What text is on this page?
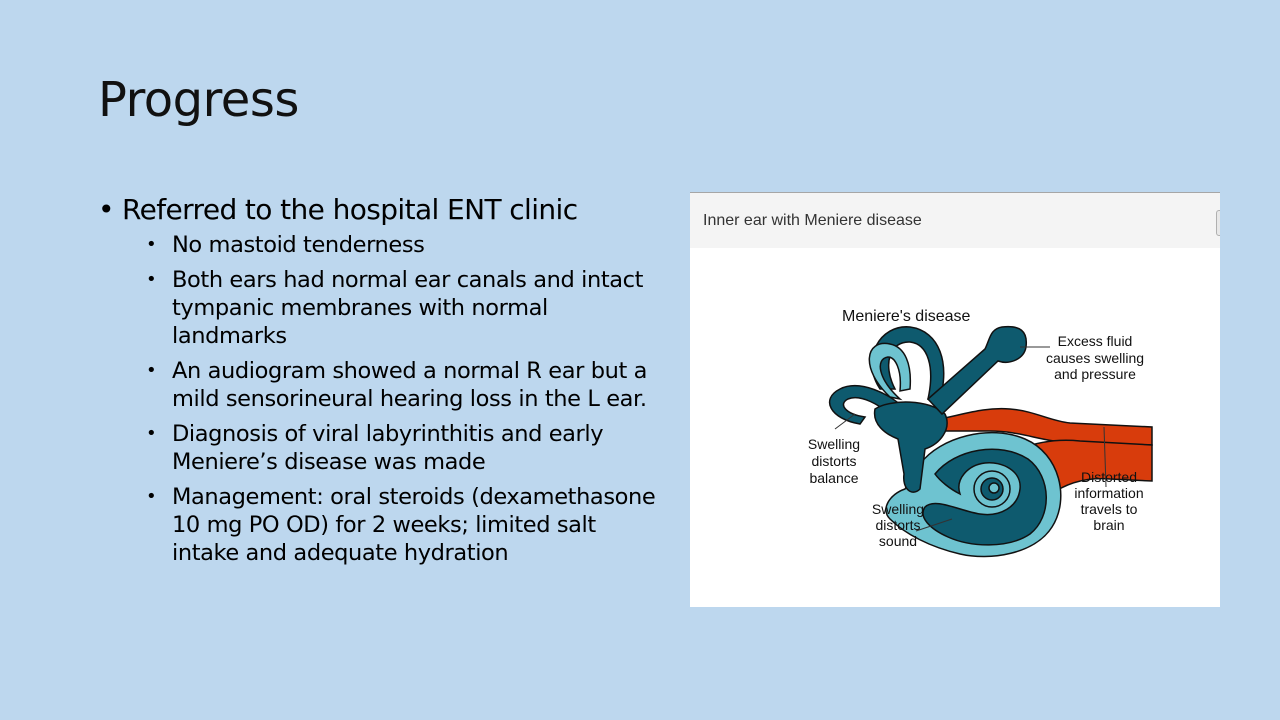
Progress
• Referred to the hospital ENT clinic
• No mastoid tenderness
• Both ears had normal ear canals and intact tympanic membranes with normal landmarks
• An audiogram showed a normal R ear but a mild sensorineural hearing loss in the L ear.
• Diagnosis of viral labyrinthitis and early Meniere’s disease was made
• Management: oral steroids (dexamethasone 10 mg PO OD) for 2 weeks; limited salt intake and adequate hydration
Inner ear with Meniere disease
Meniere's disease
Excess fluid
causes swelling
and pressure
Swelling
distorts
balance
Swelling
distorts
sound
Distorted
information
travels to
brain
